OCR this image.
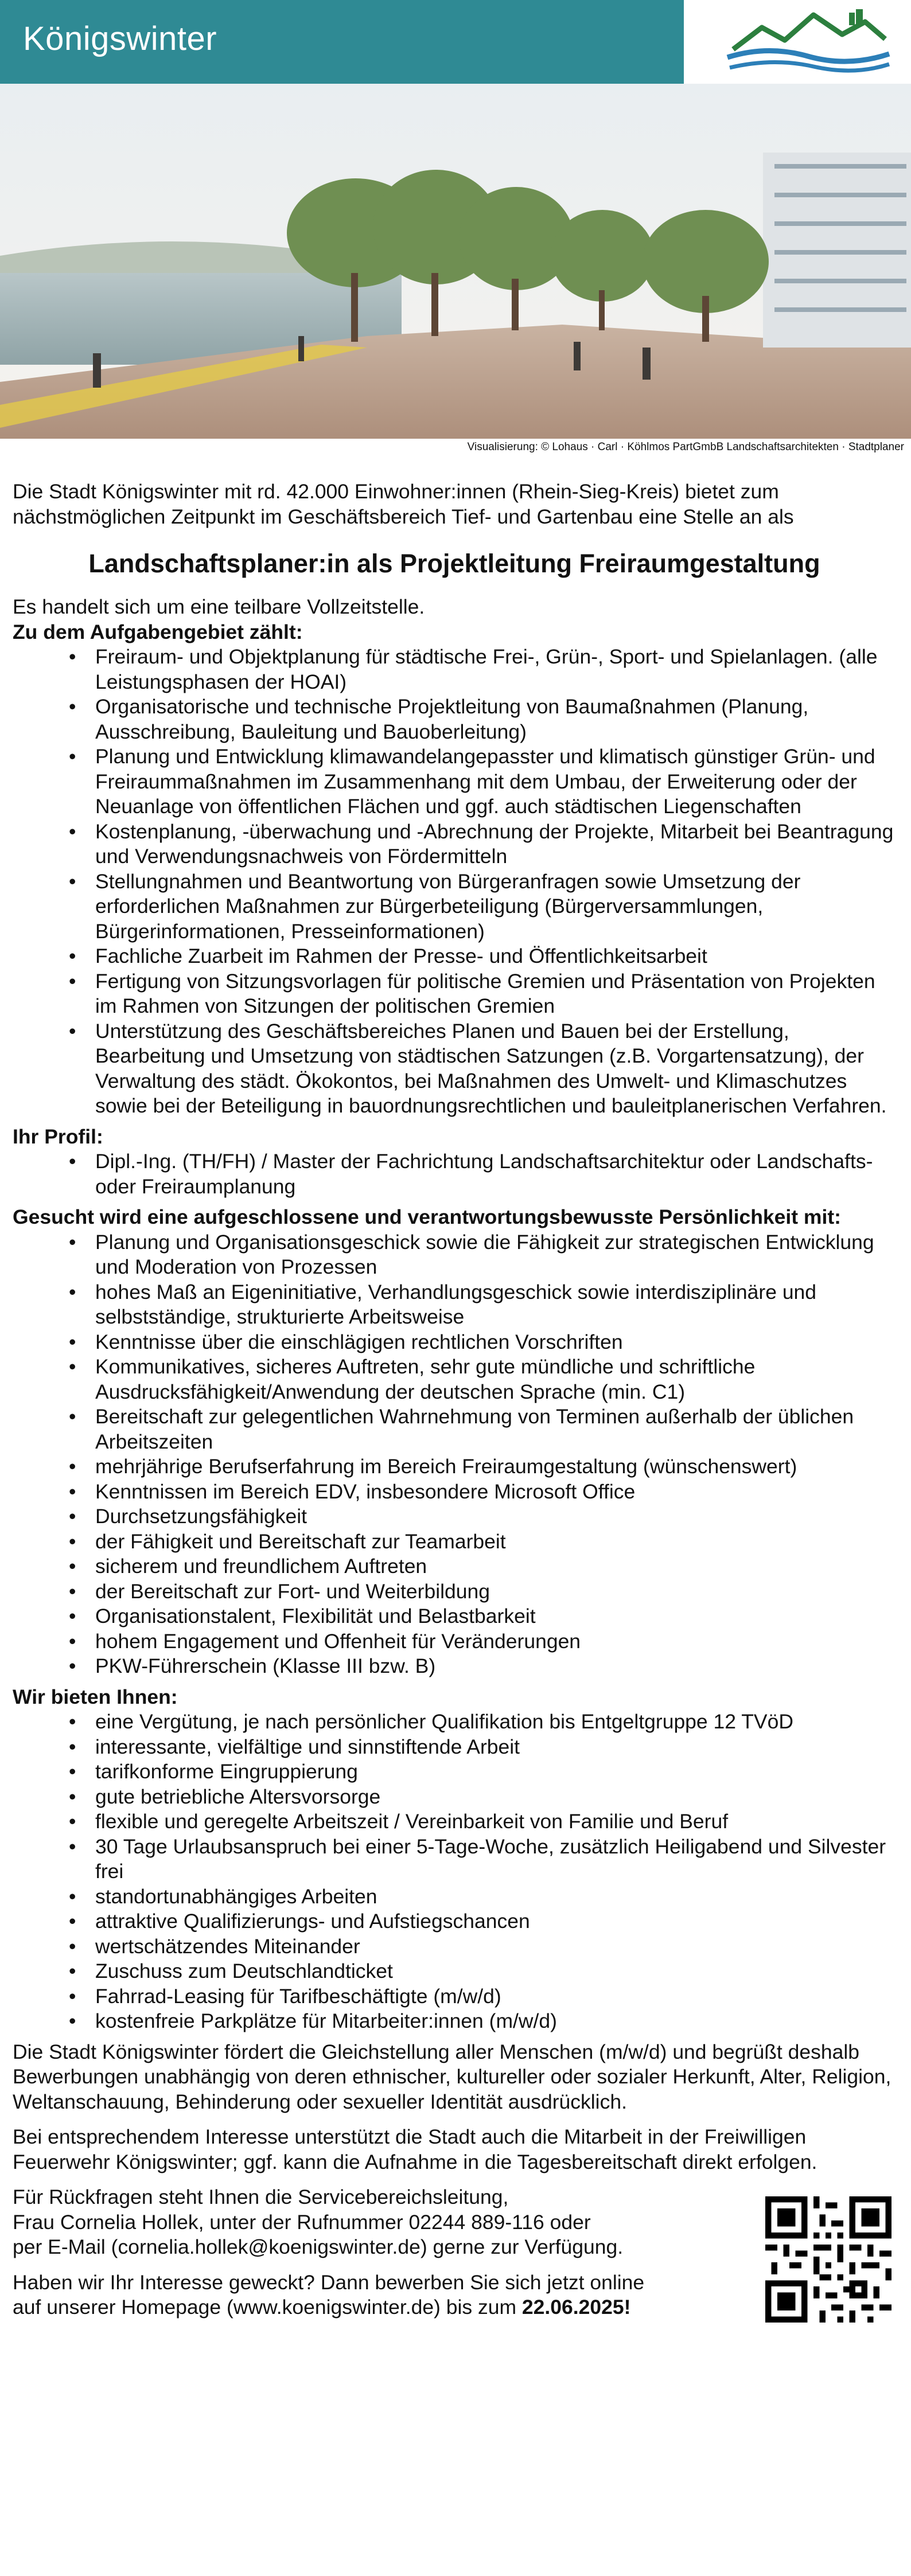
Königswinter
Visualisierung: © Lohaus · Carl · Köhlmos PartGmbB Landschaftsarchitekten · Stadtplaner

Die Stadt Königswinter mit rd. 42.000 Einwohner:innen (Rhein-Sieg-Kreis) bietet zum nächstmöglichen Zeitpunkt im Geschäftsbereich Tief- und Gartenbau eine Stelle an als

Landschaftsplaner:in als Projektleitung Freiraumgestaltung

Es handelt sich um eine teilbare Vollzeitstelle.

Zu dem Aufgabengebiet zählt:

• Freiraum- und Objektplanung für städtische Frei-, Grün-, Sport- und Spielanlagen. (alle Leistungsphasen der HOAI)
• Organisatorische und technische Projektleitung von Baumaßnahmen (Planung, Ausschreibung, Bauleitung und Bauoberleitung)
• Planung und Entwicklung klimawandelangepasster und klimatisch günstiger Grün- und Freiraummaßnahmen im Zusammenhang mit dem Umbau, der Erweiterung oder der Neuanlage von öffentlichen Flächen und ggf. auch städtischen Liegenschaften
• Kostenplanung, -überwachung und -Abrechnung der Projekte, Mitarbeit bei Beantragung und Verwendungsnachweis von Fördermitteln
• Stellungnahmen und Beantwortung von Bürgeranfragen sowie Umsetzung der erforderlichen Maßnahmen zur Bürgerbeteiligung (Bürgerversammlungen, Bürgerinformationen, Presseinformationen)
• Fachliche Zuarbeit im Rahmen der Presse- und Öffentlichkeitsarbeit
• Fertigung von Sitzungsvorlagen für politische Gremien und Präsentation von Projekten im Rahmen von Sitzungen der politischen Gremien
• Unterstützung des Geschäftsbereiches Planen und Bauen bei der Erstellung, Bearbeitung und Umsetzung von städtischen Satzungen (z.B. Vorgartensatzung), der Verwaltung des städt. Ökokontos, bei Maßnahmen des Umwelt- und Klimaschutzes sowie bei der Beteiligung in bauordnungsrechtlichen und bauleitplanerischen Verfahren.

Ihr Profil:

• Dipl.-Ing. (TH/FH) / Master der Fachrichtung Landschaftsarchitektur oder Landschafts- oder Freiraumplanung

Gesucht wird eine aufgeschlossene und verantwortungsbewusste Persönlichkeit mit:

• Planung und Organisationsgeschick sowie die Fähigkeit zur strategischen Entwicklung und Moderation von Prozessen
• hohes Maß an Eigeninitiative, Verhandlungsgeschick sowie interdisziplinäre und selbstständige, strukturierte Arbeitsweise
• Kenntnisse über die einschlägigen rechtlichen Vorschriften
• Kommunikatives, sicheres Auftreten, sehr gute mündliche und schriftliche Ausdrucksfähigkeit/Anwendung der deutschen Sprache (min. C1)
• Bereitschaft zur gelegentlichen Wahrnehmung von Terminen außerhalb der üblichen Arbeitszeiten
• mehrjährige Berufserfahrung im Bereich Freiraumgestaltung (wünschenswert)
• Kenntnissen im Bereich EDV, insbesondere Microsoft Office
• Durchsetzungsfähigkeit
• der Fähigkeit und Bereitschaft zur Teamarbeit
• sicherem und freundlichem Auftreten
• der Bereitschaft zur Fort- und Weiterbildung
• Organisationstalent, Flexibilität und Belastbarkeit
• hohem Engagement und Offenheit für Veränderungen
• PKW-Führerschein (Klasse III bzw. B)

Wir bieten Ihnen:

• eine Vergütung, je nach persönlicher Qualifikation bis Entgeltgruppe 12 TVöD
• interessante, vielfältige und sinnstiftende Arbeit
• tarifkonforme Eingruppierung
• gute betriebliche Altersvorsorge
• flexible und geregelte Arbeitszeit / Vereinbarkeit von Familie und Beruf
• 30 Tage Urlaubsanspruch bei einer 5-Tage-Woche, zusätzlich Heiligabend und Silvester frei
• standortunabhängiges Arbeiten
• attraktive Qualifizierungs- und Aufstiegschancen
• wertschätzendes Miteinander
• Zuschuss zum Deutschlandticket
• Fahrrad-Leasing für Tarifbeschäftigte (m/w/d)
• kostenfreie Parkplätze für Mitarbeiter:innen (m/w/d)

Die Stadt Königswinter fördert die Gleichstellung aller Menschen (m/w/d) und begrüßt deshalb Bewerbungen unabhängig von deren ethnischer, kultureller oder sozialer Herkunft, Alter, Religion, Weltanschauung, Behinderung oder sexueller Identität ausdrücklich.

Bei entsprechendem Interesse unterstützt die Stadt auch die Mitarbeit in der Freiwilligen Feuerwehr Königswinter; ggf. kann die Aufnahme in die Tagesbereitschaft direkt erfolgen.

Für Rückfragen steht Ihnen die Servicebereichsleitung,

Frau Cornelia Hollek, unter der Rufnummer 02244 889-116 oder

per E-Mail (cornelia.hollek@koenigswinter.de) gerne zur Verfügung.

Haben wir Ihr Interesse geweckt? Dann bewerben Sie sich jetzt online

auf unserer Homepage (www.koenigswinter.de) bis zum 22.06.2025!
